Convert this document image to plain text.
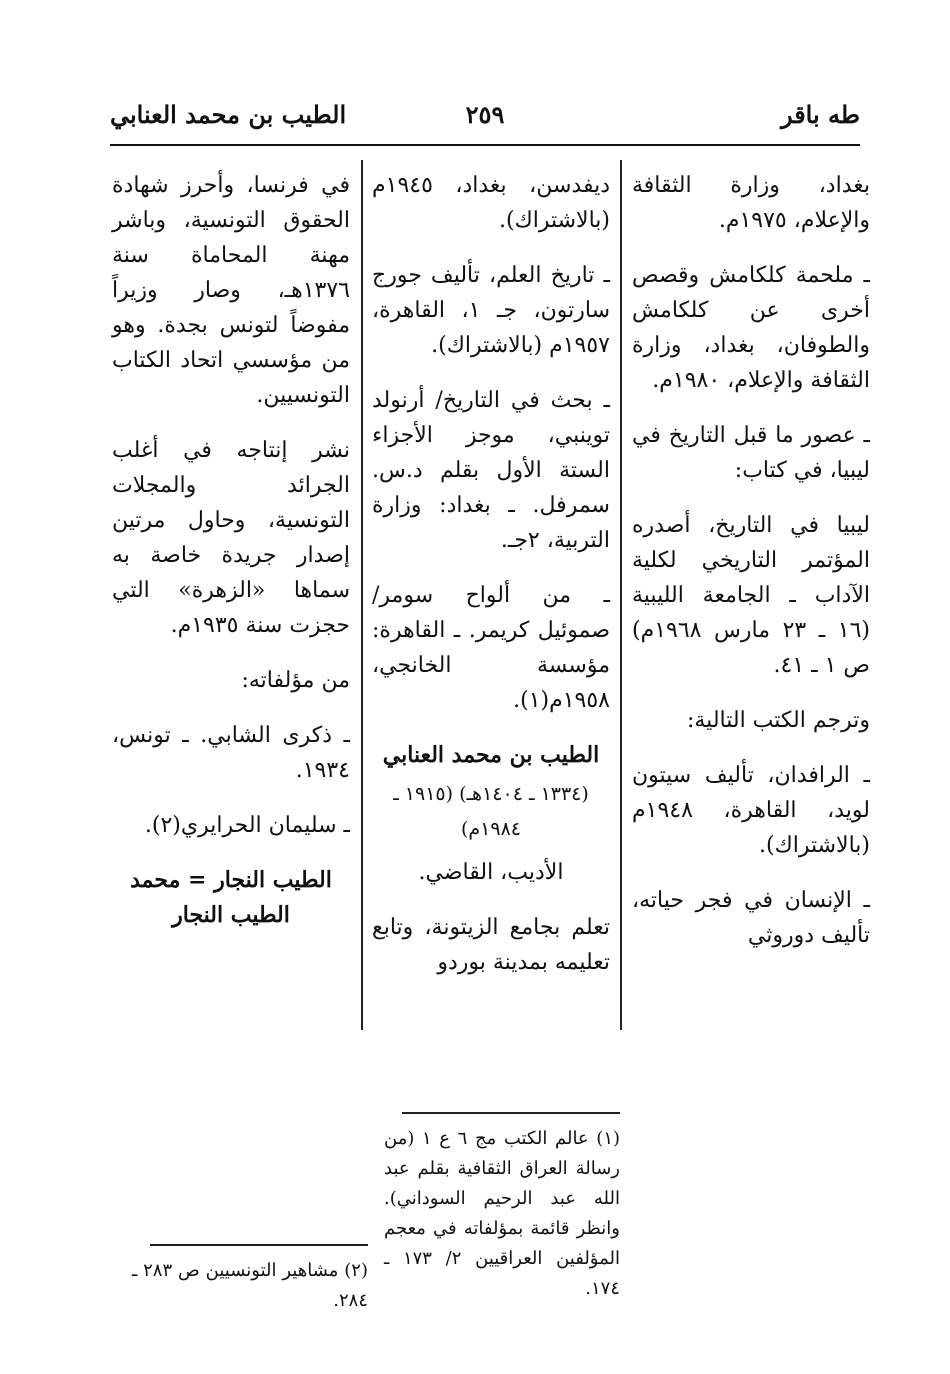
طه باقر
٢٥٩
الطيب بن محمد العنابي

بغداد، وزارة الثقافة والإعلام، ١٩٧٥م.

ـ ملحمة كلكامش وقصص أخرى عن كلكامش والطوفان، بغداد، وزارة الثقافة والإعلام، ١٩٨٠م.

ـ عصور ما قبل التاريخ في ليبيا، في كتاب:

ليبيا في التاريخ، أصدره المؤتمر التاريخي لكلية الآداب ـ الجامعة الليبية (١٦ ـ ٢٣ مارس ١٩٦٨م) ص ١ ـ ٤١.

وترجم الكتب التالية:

ـ الرافدان، تأليف سيتون لويد، القاهرة، ١٩٤٨م (بالاشتراك).

ـ الإنسان في فجر حياته، تأليف دوروثي

ديفدسن، بغداد، ١٩٤٥م (بالاشتراك).

ـ تاريخ العلم، تأليف جورج سارتون، جـ ١، القاهرة، ١٩٥٧م (بالاشتراك).

ـ بحث في التاريخ/ أرنولد توينبي، موجز الأجزاء الستة الأول بقلم د.س. سمرفل. ـ بغداد: وزارة التربية، ٢جـ.

ـ من ألواح سومر/ صموئيل كريمر. ـ القاهرة: مؤسسة الخانجي، ١٩٥٨م(١).

الطيب بن محمد العنابي

(١٣٣٤ ـ ١٤٠٤هـ) (١٩١٥ ـ ١٩٨٤م)

الأديب، القاضي.

تعلم بجامع الزيتونة، وتابع تعليمه بمدينة بوردو

في فرنسا، وأحرز شهادة الحقوق التونسية، وباشر مهنة المحاماة سنة ١٣٧٦هـ، وصار وزيراً مفوضاً لتونس بجدة. وهو من مؤسسي اتحاد الكتاب التونسيين.

نشر إنتاجه في أغلب الجرائد والمجلات التونسية، وحاول مرتين إصدار جريدة خاصة به سماها «الزهرة» التي حجزت سنة ١٩٣٥م.

من مؤلفاته:

ـ ذكرى الشابي. ـ تونس، ١٩٣٤.

ـ سليمان الحرايري(٢).

الطيب النجار = محمد الطيب النجار

(١) عالم الكتب مج ٦ ع ١ (من رسالة العراق الثقافية بقلم عبد الله عبد الرحيم السوداني). وانظر قائمة بمؤلفاته في معجم المؤلفين العراقيين ٢/ ١٧٣ ـ ١٧٤.
(٢) مشاهير التونسيين ص ٢٨٣ ـ ٢٨٤.
